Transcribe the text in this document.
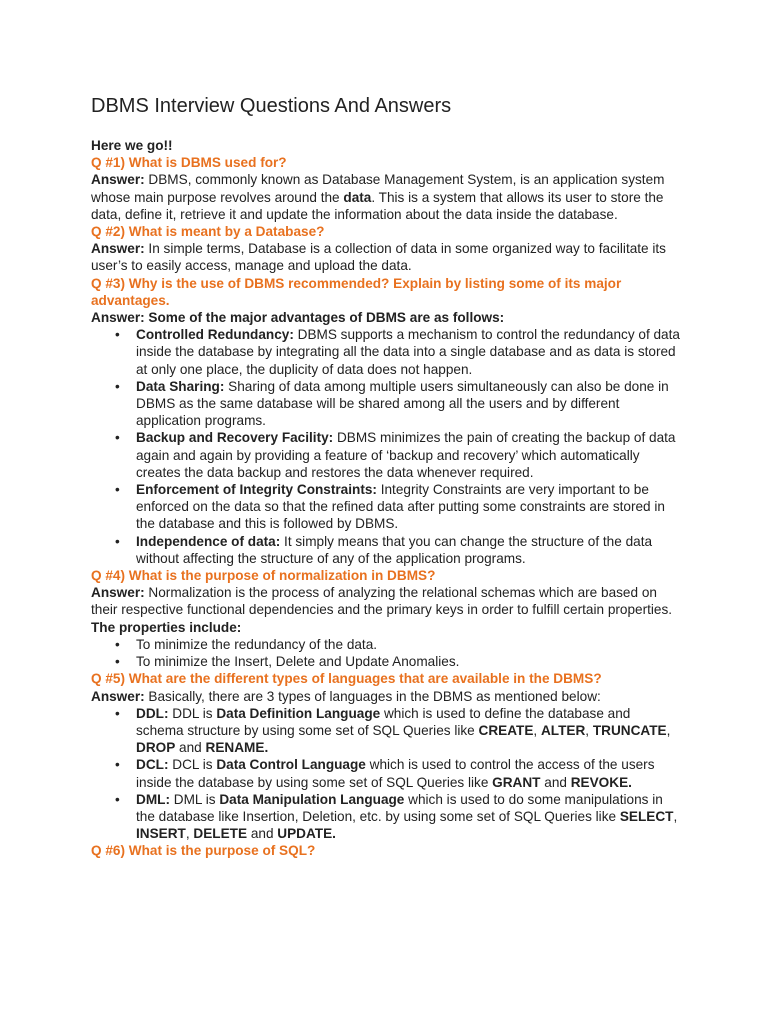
DBMS Interview Questions And Answers

Here we go!!

Q #1) What is DBMS used for?

Answer: DBMS, commonly known as Database Management System, is an application system whose main purpose revolves around the data. This is a system that allows its user to store the data, define it, retrieve it and update the information about the data inside the database.

Q #2) What is meant by a Database?

Answer: In simple terms, Database is a collection of data in some organized way to facilitate its user’s to easily access, manage and upload the data.

Q #3) Why is the use of DBMS recommended? Explain by listing some of its major advantages.

Answer: Some of the major advantages of DBMS are as follows:

• Controlled Redundancy: DBMS supports a mechanism to control the redundancy of data inside the database by integrating all the data into a single database and as data is stored at only one place, the duplicity of data does not happen.
• Data Sharing: Sharing of data among multiple users simultaneously can also be done in DBMS as the same database will be shared among all the users and by different application programs.
• Backup and Recovery Facility: DBMS minimizes the pain of creating the backup of data again and again by providing a feature of ‘backup and recovery’ which automatically creates the data backup and restores the data whenever required.
• Enforcement of Integrity Constraints: Integrity Constraints are very important to be enforced on the data so that the refined data after putting some constraints are stored in the database and this is followed by DBMS.
• Independence of data: It simply means that you can change the structure of the data without affecting the structure of any of the application programs.

Q #4) What is the purpose of normalization in DBMS?

Answer: Normalization is the process of analyzing the relational schemas which are based on their respective functional dependencies and the primary keys in order to fulfill certain properties.

The properties include:

• To minimize the redundancy of the data.
• To minimize the Insert, Delete and Update Anomalies.

Q #5) What are the different types of languages that are available in the DBMS?

Answer: Basically, there are 3 types of languages in the DBMS as mentioned below:

• DDL: DDL is Data Definition Language which is used to define the database and schema structure by using some set of SQL Queries like CREATE, ALTER, TRUNCATE, DROP and RENAME.
• DCL: DCL is Data Control Language which is used to control the access of the users inside the database by using some set of SQL Queries like GRANT and REVOKE.
• DML: DML is Data Manipulation Language which is used to do some manipulations in the database like Insertion, Deletion, etc. by using some set of SQL Queries like SELECT, INSERT, DELETE and UPDATE.

Q #6) What is the purpose of SQL?
